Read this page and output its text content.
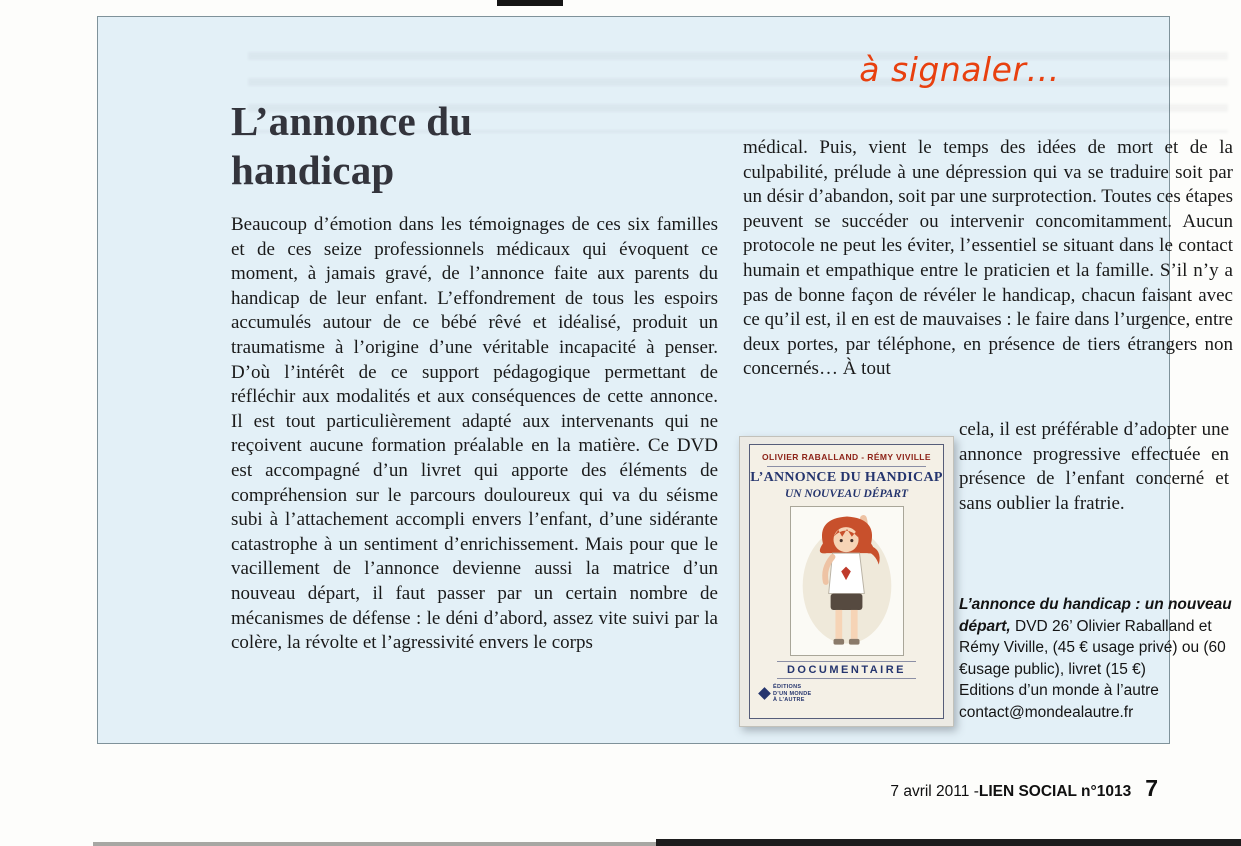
à signaler…
L’annonce du handicap

Beaucoup d’émotion dans les témoignages de ces six familles et de ces seize professionnels médicaux qui évoquent ce moment, à jamais gravé, de l’annonce faite aux parents du handicap de leur enfant. L’effondrement de tous les espoirs accumulés autour de ce bébé rêvé et idéalisé, produit un traumatisme à l’origine d’une véritable incapacité à penser. D’où l’intérêt de ce support pédagogique permettant de réfléchir aux modalités et aux conséquences de cette annonce. Il est tout particulièrement adapté aux intervenants qui ne reçoivent aucune formation préalable en la matière. Ce DVD est accompagné d’un livret qui apporte des éléments de compréhension sur le parcours douloureux qui va du séisme subi à l’attachement accompli envers l’enfant, d’une sidérante catastrophe à un sentiment d’enrichissement. Mais pour que le vacillement de l’annonce devienne aussi la matrice d’un nouveau départ, il faut passer par un certain nombre de mécanismes de défense : le déni d’abord, assez vite suivi par la colère, la révolte et l’agressivité envers le corps

médical. Puis, vient le temps des idées de mort et de la culpabilité, prélude à une dépression qui va se traduire soit par un désir d’abandon, soit par une surprotection. Toutes ces étapes peuvent se succéder ou intervenir concomitamment. Aucun protocole ne peut les éviter, l’essentiel se situant dans le contact humain et empathique entre le praticien et la famille. S’il n’y a pas de bonne façon de révéler le handicap, chacun faisant avec ce qu’il est, il en est de mauvaises : le faire dans l’urgence, entre deux portes, par téléphone, en présence de tiers étrangers non concernés… À tout

cela, il est préférable d’adopter une annonce progressive effectuée en présence de l’enfant concerné et sans oublier la fratrie.

OLIVIER RABALLAND - RÉMY VIVILLE
L’ANNONCE DU HANDICAP
UN NOUVEAU DÉPART
DOCUMENTAIRE
ÉDITIONS
D’UN MONDE
À L’AUTRE

L’annonce du handicap : un nouveau départ, DVD 26’ Olivier Raballand et Rémy Viville, (45 € usage privé) ou (60 €usage public), livret (15 €)

Editions d’un monde à l’autre
contact@mondealautre.fr
7 avril 2011 - LIEN SOCIAL n°1013 7
